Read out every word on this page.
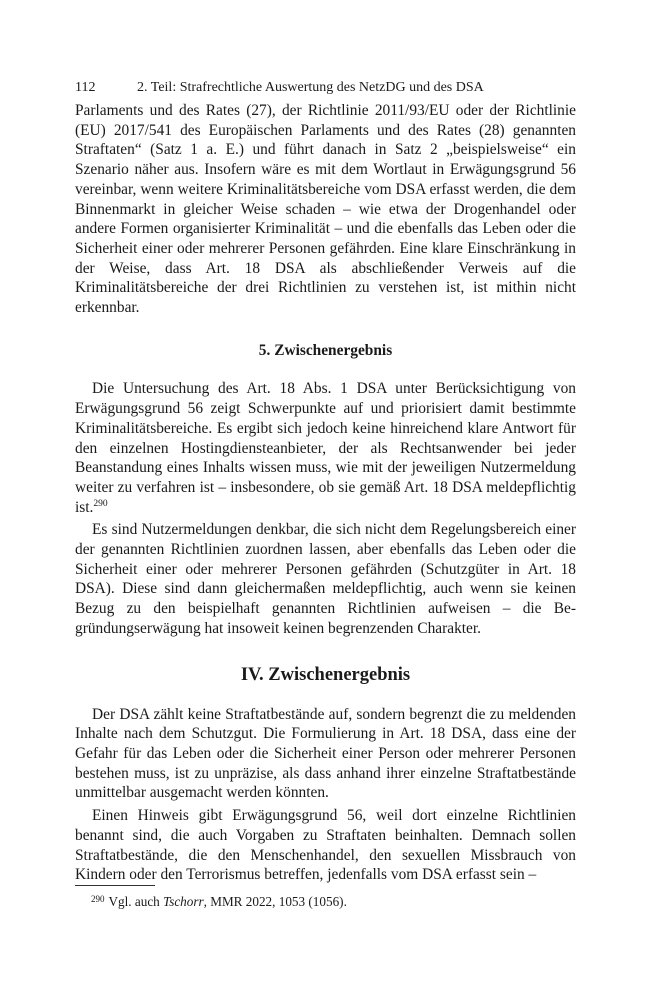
112	2. Teil: Strafrechtliche Auswertung des NetzDG und des DSA

Parlaments und des Rates (27), der Richtlinie 2011/93/EU oder der Richtlinie (EU) 2017/541 des Europäischen Parlaments und des Rates (28) genannten Straftaten“ (Satz 1 a. E.) und führt danach in Satz 2 „beispielsweise“ ein Szenario näher aus. Insofern wäre es mit dem Wortlaut in Erwägungsgrund 56 vereinbar, wenn weitere Kriminalitätsbereiche vom DSA erfasst werden, die dem Binnenmarkt in gleicher Weise schaden – wie etwa der Drogenhandel oder andere Formen organisierter Kriminalität – und die ebenfalls das Leben oder die Sicherheit einer oder mehrerer Personen gefährden. Eine klare Einschränkung in der Weise, dass Art. 18 DSA als abschließender Verweis auf die Kriminalitätsbereiche der drei Richtlinien zu verstehen ist, ist mithin nicht erkennbar.

5. Zwischenergebnis

Die Untersuchung des Art. 18 Abs. 1 DSA unter Berücksichtigung von Erwägungsgrund 56 zeigt Schwerpunkte auf und priorisiert damit bestimmte Kriminalitätsbereiche. Es ergibt sich jedoch keine hinreichend klare Antwort für den einzelnen Hostingdiensteanbieter, der als Rechtsanwender bei jeder Beanstandung eines Inhalts wissen muss, wie mit der jeweiligen Nutzermeldung weiter zu verfahren ist – insbesondere, ob sie gemäß Art. 18 DSA meldepflichtig ist.$^{290}$

Es sind Nutzermeldungen denkbar, die sich nicht dem Regelungsbereich einer der genannten Richtlinien zuordnen lassen, aber ebenfalls das Leben oder die Sicherheit einer oder mehrerer Personen gefährden (Schutzgüter in Art. 18 DSA). Diese sind dann gleichermaßen meldepflichtig, auch wenn sie keinen Bezug zu den beispielhaft genannten Richtlinien aufweisen – die Begründungserwägung hat insoweit keinen begrenzenden Charakter.

IV. Zwischenergebnis

Der DSA zählt keine Straftatbestände auf, sondern begrenzt die zu meldenden Inhalte nach dem Schutzgut. Die Formulierung in Art. 18 DSA, dass eine der Gefahr für das Leben oder die Sicherheit einer Person oder mehrerer Personen bestehen muss, ist zu unpräzise, als dass anhand ihrer einzelne Straftatbestände unmittelbar ausgemacht werden könnten.

Einen Hinweis gibt Erwägungsgrund 56, weil dort einzelne Richtlinien benannt sind, die auch Vorgaben zu Straftaten beinhalten. Demnach sollen Straftatbestände, die den Menschenhandel, den sexuellen Missbrauch von Kindern oder den Terrorismus betreffen, jedenfalls vom DSA erfasst sein –

$^{290}$ Vgl. auch Tschorr, MMR 2022, 1053 (1056).
